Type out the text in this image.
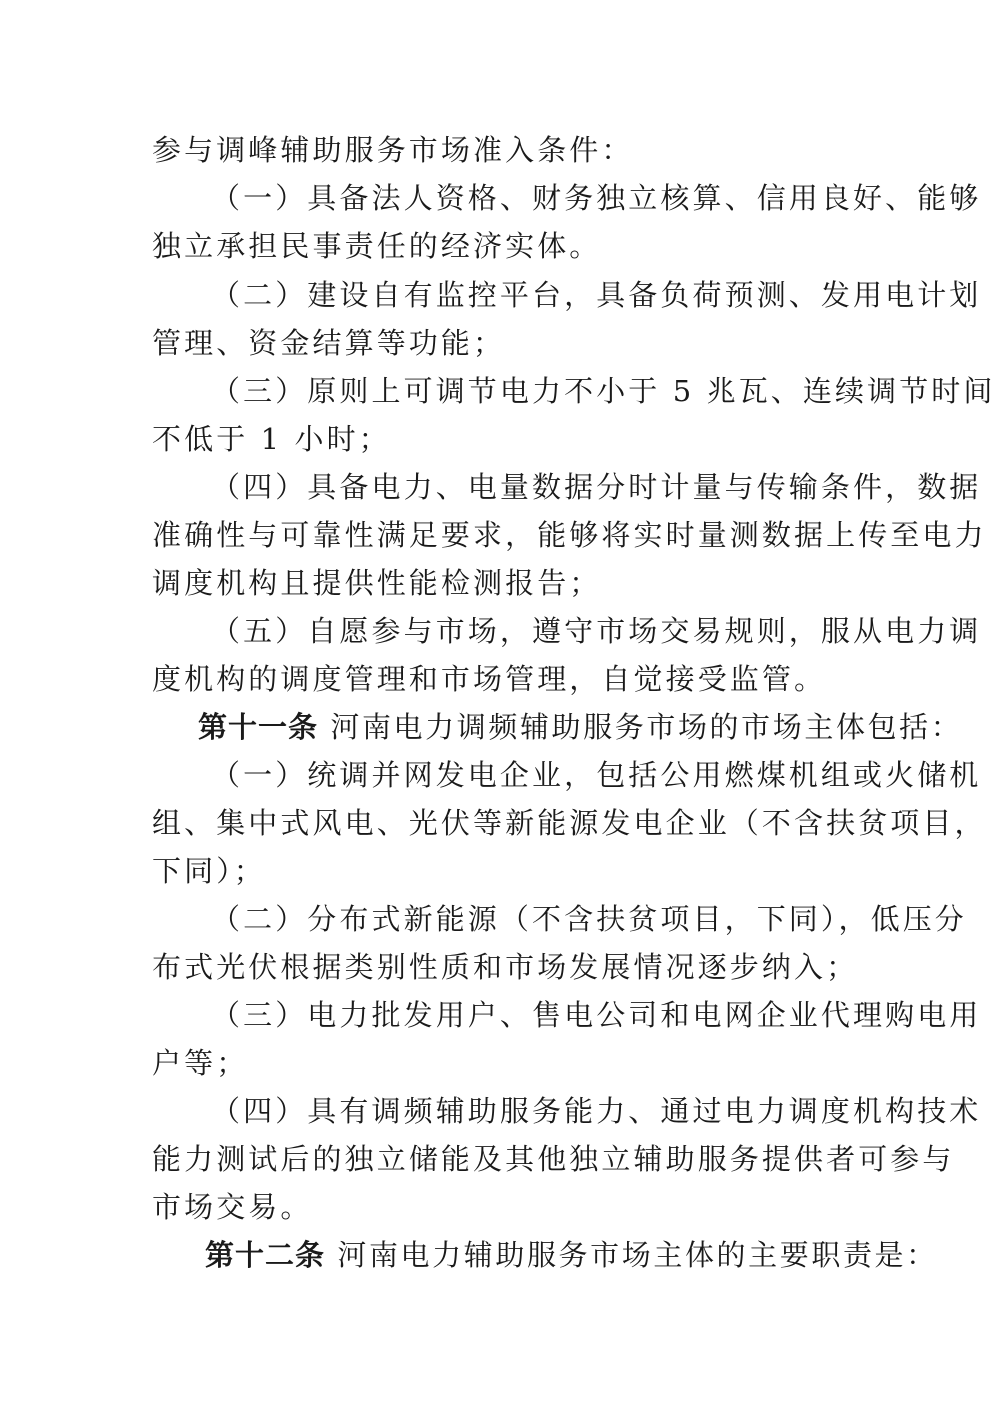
参与调峰辅助服务市场准入条件：
（一）具备法人资格、财务独立核算、信用良好、能够
独立承担民事责任的经济实体。
（二）建设自有监控平台，具备负荷预测、发用电计划
管理、资金结算等功能；
（三）原则上可调节电力不小于 5 兆瓦、连续调节时间
不低于 1 小时；
（四）具备电力、电量数据分时计量与传输条件，数据
准确性与可靠性满足要求，能够将实时量测数据上传至电力
调度机构且提供性能检测报告；
（五）自愿参与市场，遵守市场交易规则，服从电力调
度机构的调度管理和市场管理，自觉接受监管。
第十一条 河南电力调频辅助服务市场的市场主体包括：
（一）统调并网发电企业，包括公用燃煤机组或火储机
组、集中式风电、光伏等新能源发电企业（不含扶贫项目，
下同）；
（二）分布式新能源（不含扶贫项目，下同），低压分
布式光伏根据类别性质和市场发展情况逐步纳入；
（三）电力批发用户、售电公司和电网企业代理购电用
户等；
（四）具有调频辅助服务能力、通过电力调度机构技术
能力测试后的独立储能及其他独立辅助服务提供者可参与
市场交易。
第十二条 河南电力辅助服务市场主体的主要职责是：
